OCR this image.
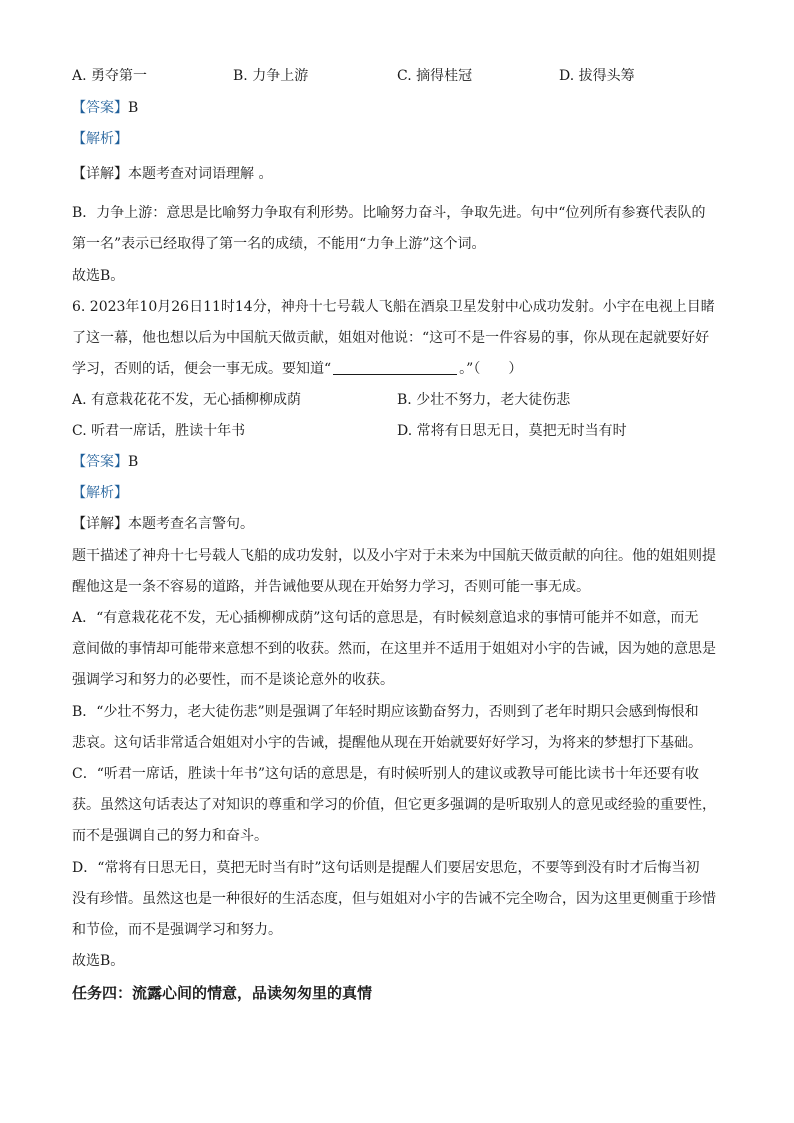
A. 勇夺第一	B. 力争上游	C. 摘得桂冠	D. 拔得头筹
【答案】B
【解析】
【详解】本题考查对词语理解 。
B．力争上游：意思是比喻努力争取有利形势。比喻努力奋斗，争取先进。句中“位列所有参赛代表队的
第一名”表示已经取得了第一名的成绩，不能用“力争上游”这个词。
故选B。
6. 2023年10月26日11时14分，神舟十七号载人飞船在酒泉卫星发射中心成功发射。小宇在电视上目睹
了这一幕，他也想以后为中国航天做贡献，姐姐对他说：“这可不是一件容易的事，你从现在起就要好好
学习，否则的话，便会一事无成。要知道“	。”（　　）
A. 有意栽花花不发，无心插柳柳成荫	B. 少壮不努力，老大徒伤悲
C. 听君一席话，胜读十年书	D. 常将有日思无日，莫把无时当有时
【答案】B
【解析】
【详解】本题考查名言警句。
题干描述了神舟十七号载人飞船的成功发射，以及小宇对于未来为中国航天做贡献的向往。他的姐姐则提
醒他这是一条不容易的道路，并告诫他要从现在开始努力学习，否则可能一事无成。
A．“有意栽花花不发，无心插柳柳成荫”这句话的意思是，有时候刻意追求的事情可能并不如意，而无
意间做的事情却可能带来意想不到的收获。然而，在这里并不适用于姐姐对小宇的告诫，因为她的意思是
强调学习和努力的必要性，而不是谈论意外的收获。
B．“少壮不努力，老大徒伤悲”则是强调了年轻时期应该勤奋努力，否则到了老年时期只会感到悔恨和
悲哀。这句话非常适合姐姐对小宇的告诫，提醒他从现在开始就要好好学习，为将来的梦想打下基础。
C．“听君一席话，胜读十年书”这句话的意思是，有时候听别人的建议或教导可能比读书十年还要有收
获。虽然这句话表达了对知识的尊重和学习的价值，但它更多强调的是听取别人的意见或经验的重要性，
而不是强调自己的努力和奋斗。
D．“常将有日思无日，莫把无时当有时”这句话则是提醒人们要居安思危，不要等到没有时才后悔当初
没有珍惜。虽然这也是一种很好的生活态度，但与姐姐对小宇的告诫不完全吻合，因为这里更侧重于珍惜
和节俭，而不是强调学习和努力。
故选B。
任务四：流露心间的情意，品读匆匆里的真情
